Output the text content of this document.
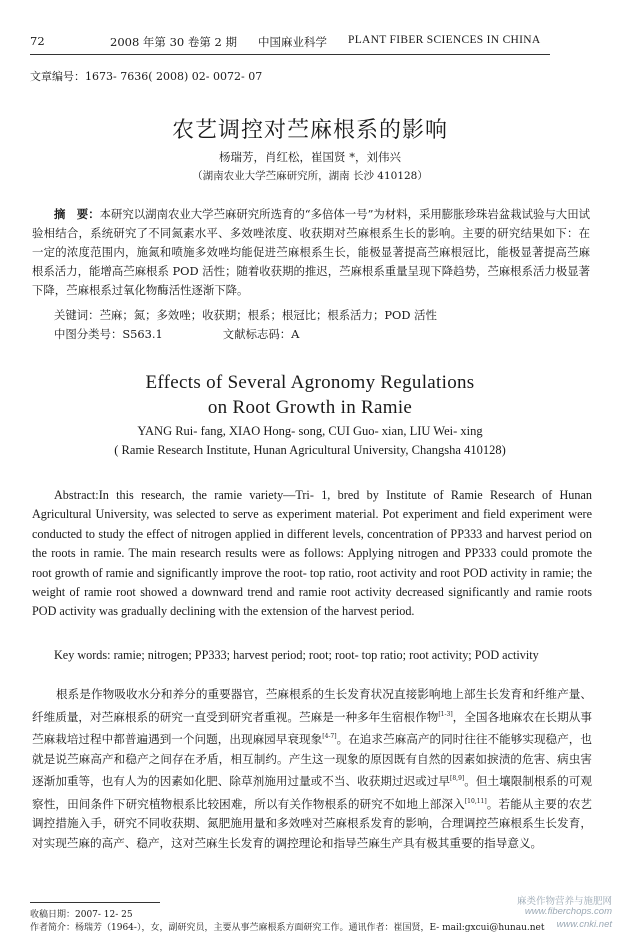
72	2008 年第 30 卷第 2 期 中国麻业科学 PLANT FIBER SCIENCES IN CHINA
文章编号：1673- 7636( 2008) 02- 0072- 07
农艺调控对苎麻根系的影响
杨瑞芳，肖红松，崔国贤 *，刘伟兴
（湖南农业大学苎麻研究所，湖南 长沙 410128）

摘　要：本研究以湖南农业大学苎麻研究所选育的“多倍体一号”为材料，采用膨胀珍珠岩盆栽试验与大田试验相结合，系统研究了不同氮素水平、多效唑浓度、收获期对苎麻根系生长的影响。主要的研究结果如下：在一定的浓度范围内，施氮和喷施多效唑均能促进苎麻根系生长，能极显著提高苎麻根冠比，能极显著提高苎麻根系活力，能增高苎麻根系 POD 活性；随着收获期的推迟，苎麻根系重量呈现下降趋势，苎麻根系活力极显著下降，苎麻根系过氧化物酶活性逐渐下降。

关键词：苎麻；氮；多效唑；收获期；根系；根冠比；根系活力；POD 活性
中图分类号：S563.1	文献标志码：A
Effects of Several Agronomy Regulations
on Root Growth in Ramie
YANG Rui- fang, XIAO Hong- song, CUI Guo- xian, LIU Wei- xing
( Ramie Research Institute, Hunan Agricultural University, Changsha 410128)

Abstract:In this research, the ramie variety—Tri- 1, bred by Institute of Ramie Research of Hunan Agricultural University, was selected to serve as experiment material. Pot experiment and field experiment were conducted to study the effect of nitrogen applied in different levels, concentration of PP333 and harvest period on the roots in ramie. The main research results were as follows: Applying nitrogen and PP333 could promote the root growth of ramie and significantly improve the root- top ratio, root activity and root POD activity in ramie; the weight of ramie root showed a downward trend and ramie root activity decreased significantly and ramie roots POD activity was gradually declining with the extension of the harvest period.

Key words: ramie; nitrogen; PP333; harvest period; root; root- top ratio; root activity; POD activity

根系是作物吸收水分和养分的重要器官，苎麻根系的生长发育状况直接影响地上部生长发育和纤维产量、纤维质量，对苎麻根系的研究一直受到研究者重视。苎麻是一种多年生宿根作物[1-3]，全国各地麻农在长期从事苎麻栽培过程中都普遍遇到一个问题，出现麻园早衰现象[4-7]。在追求苎麻高产的同时往往不能够实现稳产，也就是说苎麻高产和稳产之间存在矛盾，相互制约。产生这一现象的原因既有自然的因素如捩渍的危害、病虫害逐渐加重等，也有人为的因素如化肥、除草剂施用过量或不当、收获期过迟或过早[8,9]。但土壤限制根系的可观察性，田间条件下研究植物根系比较困难，所以有关作物根系的研究不如地上部深入[10,11]。若能从主要的农艺调控措施入手，研究不同收获期、氮肥施用量和多效唑对苎麻根系发育的影响，合理调控苎麻根系生长发育，对实现苎麻的高产、稳产，这对苎麻生长发育的调控理论和指导苎麻生产具有极其重要的指导意义。

收稿日期：2007- 12- 25
作者简介：杨瑞芳（1964-），女，副研究员，主要从事苎麻根系方面研究工作。通讯作者：崔国贤，E- mail:gxcui@hunau.net
麻类作物营养与施肥网
www.fiberchops.com
www.cnki.net
